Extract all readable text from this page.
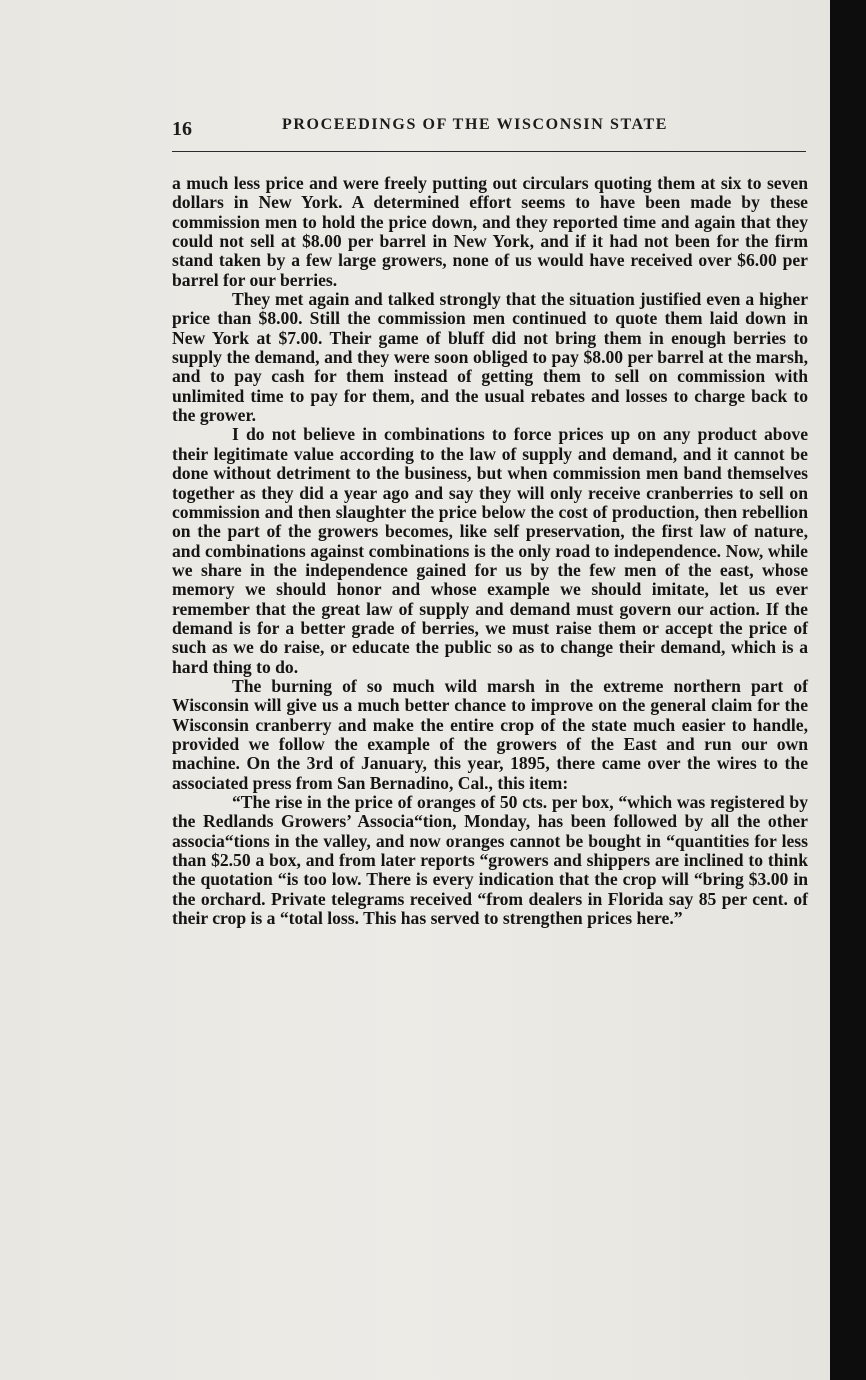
16	PROCEEDINGS OF THE WISCONSIN STATE

a much less price and were freely putting out circulars quoting them at six to seven dollars in New York. A determined effort seems to have been made by these commission men to hold the price down, and they reported time and again that they could not sell at $8.00 per barrel in New York, and if it had not been for the firm stand taken by a few large growers, none of us would have received over $6.00 per barrel for our berries.

They met again and talked strongly that the situation justified even a higher price than $8.00. Still the commission men continued to quote them laid down in New York at $7.00. Their game of bluff did not bring them in enough berries to supply the demand, and they were soon obliged to pay $8.00 per barrel at the marsh, and to pay cash for them instead of getting them to sell on commission with unlimited time to pay for them, and the usual rebates and losses to charge back to the grower.

I do not believe in combinations to force prices up on any product above their legitimate value according to the law of supply and demand, and it cannot be done without detriment to the business, but when commission men band themselves together as they did a year ago and say they will only receive cranberries to sell on commission and then slaughter the price below the cost of production, then rebellion on the part of the growers becomes, like self preservation, the first law of nature, and combinations against combinations is the only road to independence. Now, while we share in the independence gained for us by the few men of the east, whose memory we should honor and whose example we should imitate, let us ever remember that the great law of supply and demand must govern our action. If the demand is for a better grade of berries, we must raise them or accept the price of such as we do raise, or educate the public so as to change their demand, which is a hard thing to do.

The burning of so much wild marsh in the extreme northern part of Wisconsin will give us a much better chance to improve on the general claim for the Wisconsin cranberry and make the entire crop of the state much easier to handle, provided we follow the example of the growers of the East and run our own machine. On the 3rd of January, this year, 1895, there came over the wires to the associated press from San Bernadino, Cal., this item:

“The rise in the price of oranges of 50 cts. per box, “which was registered by the Redlands Growers’ Associa“tion, Monday, has been followed by all the other associa“tions in the valley, and now oranges cannot be bought in “quantities for less than $2.50 a box, and from later reports “growers and shippers are inclined to think the quotation “is too low. There is every indication that the crop will “bring $3.00 in the orchard. Private telegrams received “from dealers in Florida say 85 per cent. of their crop is a “total loss. This has served to strengthen prices here.”
